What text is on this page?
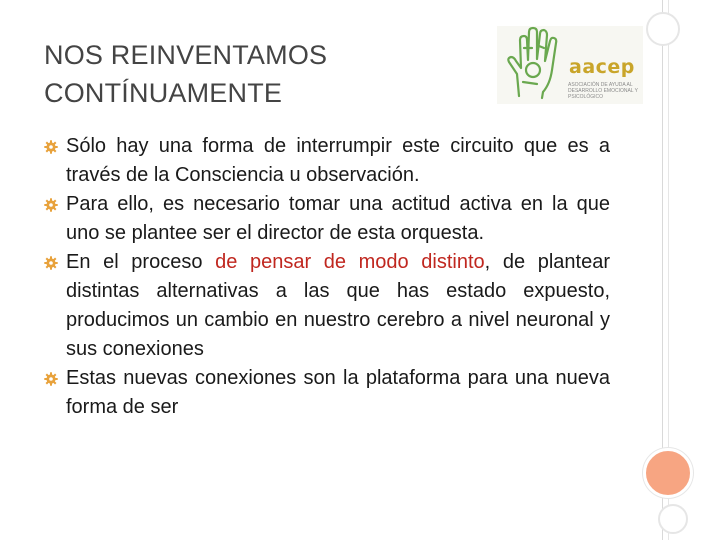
NOS REINVENTAMOS
CONTÍNUAMENTE
aacep
ASOCIACIÓN DE AYUDA AL DESARROLLO EMOCIONAL Y PSICOLÓGICO
Sólo hay una forma de interrumpir este circuito que es a través de la Consciencia u observación.
Para ello, es necesario tomar una actitud activa en la que uno se plantee ser el director de esta orquesta.
En el proceso de pensar de modo distinto, de plantear distintas alternativas a las que has estado expuesto, producimos un cambio en nuestro cerebro a nivel neuronal y sus conexiones
Estas nuevas conexiones son la plataforma para una nueva forma de ser
